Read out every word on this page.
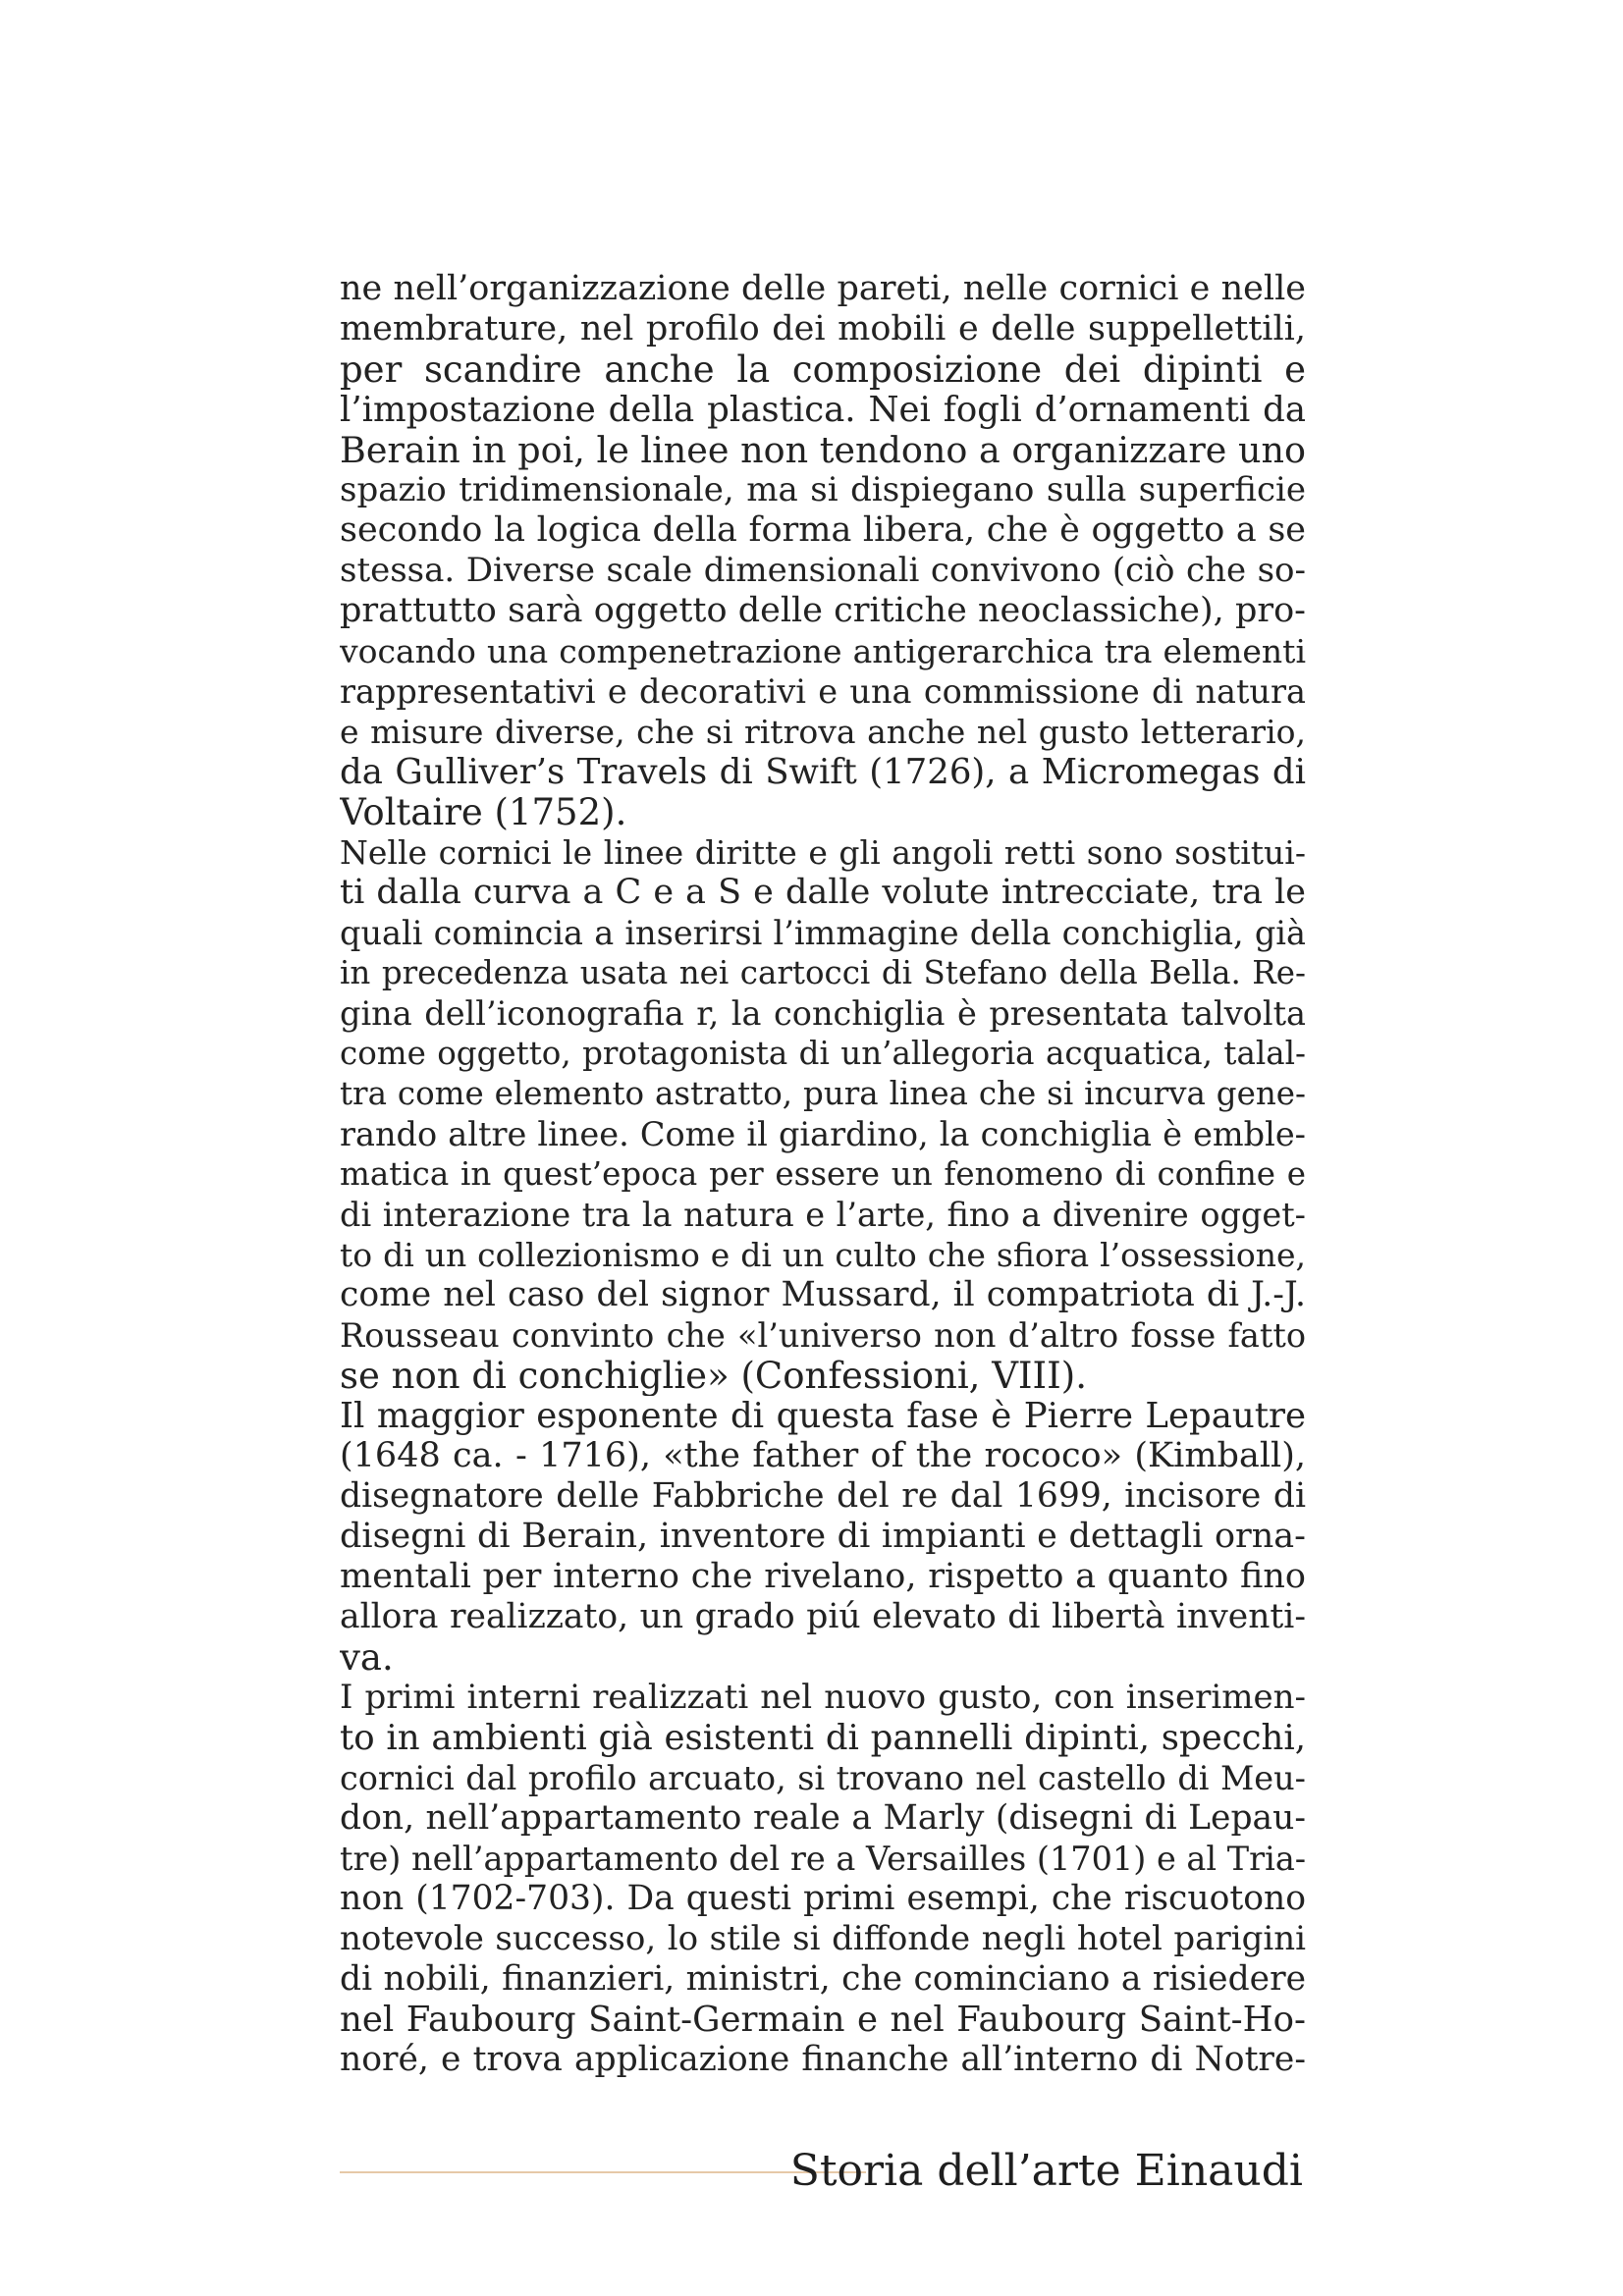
ne nell’organizzazione delle pareti, nelle cornici e nelle
membrature, nel profilo dei mobili e delle suppellettili,
per scandire anche la composizione dei dipinti e
l’impostazione della plastica. Nei fogli d’ornamenti da
Berain in poi, le linee non tendono a organizzare uno
spazio tridimensionale, ma si dispiegano sulla superficie
secondo la logica della forma libera, che è oggetto a se
stessa. Diverse scale dimensionali convivono (ciò che so-
prattutto sarà oggetto delle critiche neoclassiche), pro-
vocando una compenetrazione antigerarchica tra elementi
rappresentativi e decorativi e una commissione di natura
e misure diverse, che si ritrova anche nel gusto letterario,
da Gulliver’s Travels di Swift (1726), a Micromegas di
Voltaire (1752).
Nelle cornici le linee diritte e gli angoli retti sono sostitui-
ti dalla curva a C e a S e dalle volute intrecciate, tra le
quali comincia a inserirsi l’immagine della conchiglia, già
in precedenza usata nei cartocci di Stefano della Bella. Re-
gina dell’iconografia r, la conchiglia è presentata talvolta
come oggetto, protagonista di un’allegoria acquatica, talal-
tra come elemento astratto, pura linea che si incurva gene-
rando altre linee. Come il giardino, la conchiglia è emble-
matica in quest’epoca per essere un fenomeno di confine e
di interazione tra la natura e l’arte, fino a divenire ogget-
to di un collezionismo e di un culto che sfiora l’ossessione,
come nel caso del signor Mussard, il compatriota di J.-J.
Rousseau convinto che «l’universo non d’altro fosse fatto
se non di conchiglie» (Confessioni, VIII).
Il maggior esponente di questa fase è Pierre Lepautre
(1648 ca. - 1716), «the father of the rococo» (Kimball),
disegnatore delle Fabbriche del re dal 1699, incisore di
disegni di Berain, inventore di impianti e dettagli orna-
mentali per interno che rivelano, rispetto a quanto fino
allora realizzato, un grado piú elevato di libertà inventi-
va.
I primi interni realizzati nel nuovo gusto, con inserimen-
to in ambienti già esistenti di pannelli dipinti, specchi,
cornici dal profilo arcuato, si trovano nel castello di Meu-
don, nell’appartamento reale a Marly (disegni di Lepau-
tre) nell’appartamento del re a Versailles (1701) e al Tria-
non (1702-703). Da questi primi esempi, che riscuotono
notevole successo, lo stile si diffonde negli hotel parigini
di nobili, finanzieri, ministri, che cominciano a risiedere
nel Faubourg Saint-Germain e nel Faubourg Saint-Ho-
noré, e trova applicazione finanche all’interno di Notre-
Storia dell’arte Einaudi
